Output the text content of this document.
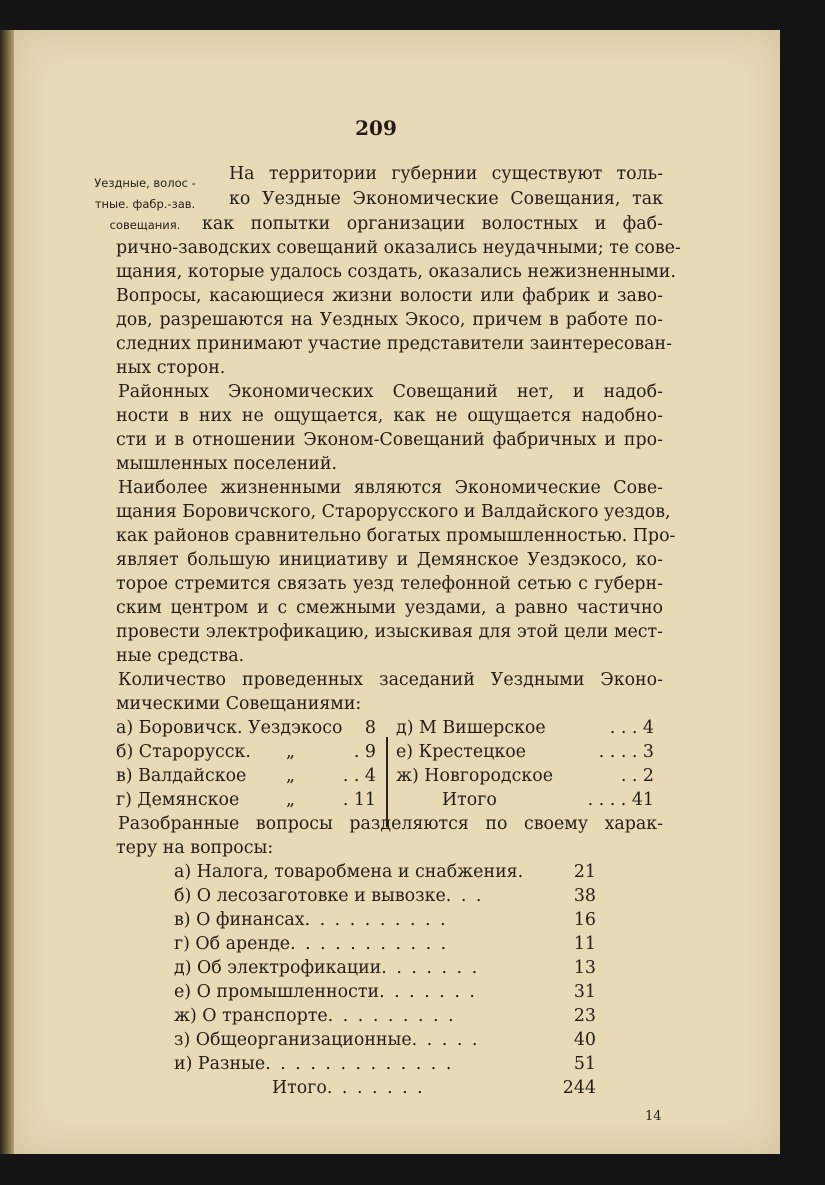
209
Уездные, волос -
тные. фабр.-зав.
совещания.
На территории губернии существуют толь-
ко Уездные Экономические Совещания, так
как попытки организации волостных и фаб-
рично-заводских совещаний оказались неудачными; те сове-
щания, которые удалось создать, оказались нежизненными.
Вопросы, касающиеся жизни волости или фабрик и заво-
дов, разрешаются на Уездных Экосо, причем в работе по-
следних принимают участие представители заинтересован-
ных сторон.
Районных Экономических Совещаний нет, и надоб-
ности в них не ощущается, как не ощущается надобно-
сти и в отношении Эконом-Совещаний фабричных и про-
мышленных поселений.
Наиболее жизненными являются Экономические Сове-
щания Боровичского, Старорусского и Валдайского уездов,
как районов сравнительно богатых промышленностью. Про-
являет большую инициативу и Демянское Уездэкосо, ко-
торое стремится связать уезд телефонной сетью с губерн-
ским центром и с смежными уездами, а равно частично
провести электрофикацию, изыскивая для этой цели мест-
ные средства.
Количество проведенных заседаний Уездными Эконо-
мическими Совещаниями:
а) Боровичск. Уездэкосо	8
б) Старорусск. „	. 9
в) Валдайское „	. . 4
г) Демянское	„	. 11
д) М Вишерское	. . . 4
е) Крестецкое	. . . . 3
ж) Новгородское	. . 2
Итого	. . . . 41
Разобранные вопросы разделяются по своему харак-
теру на вопросы:
а) Налога, товаробмена и снабжения .	21
б) О лесозаготовке и вывозке . . .	38
в) О финансах . . . . . . . . . .	16
г) Об аренде . . . . . . . . . . .	11
д) Об электрофикации . . . . . . .	13
е) О промышленности . . . . . . .	31
ж) О транспорте . . . . . . . . .	23
з) Общеорганизационные . . . . .	40
и) Разные . . . . . . . . . . . . .	51
Итого . . . . . . .	244
14
